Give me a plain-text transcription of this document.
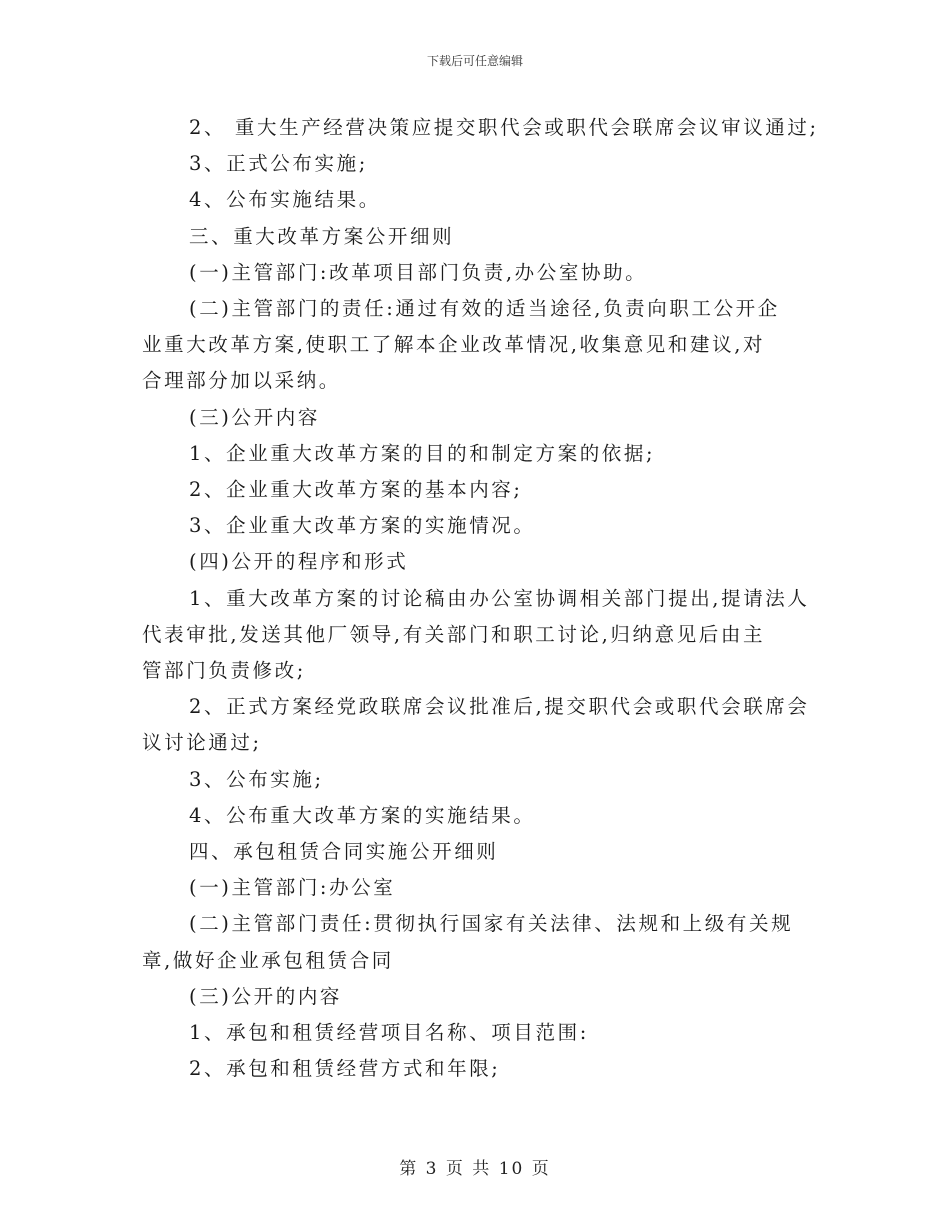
下载后可任意编辑

2、 重大生产经营决策应提交职代会或职代会联席会议审议通过;

3、正式公布实施;

4、公布实施结果。

三、重大改革方案公开细则

(一)主管部门:改革项目部门负责,办公室协助。

(二)主管部门的责任:通过有效的适当途径,负责向职工公开企

业重大改革方案,使职工了解本企业改革情况,收集意见和建议,对

合理部分加以采纳。

(三)公开内容

1、企业重大改革方案的目的和制定方案的依据;

2、企业重大改革方案的基本内容;

3、企业重大改革方案的实施情况。

(四)公开的程序和形式

1、重大改革方案的讨论稿由办公室协调相关部门提出,提请法人

代表审批,发送其他厂领导,有关部门和职工讨论,归纳意见后由主

管部门负责修改;

2、正式方案经党政联席会议批准后,提交职代会或职代会联席会

议讨论通过;

3、公布实施;

4、公布重大改革方案的实施结果。

四、承包租赁合同实施公开细则

(一)主管部门:办公室

(二)主管部门责任:贯彻执行国家有关法律、法规和上级有关规

章,做好企业承包租赁合同

(三)公开的内容

1、承包和租赁经营项目名称、项目范围:

2、承包和租赁经营方式和年限;

第 3 页 共 10 页
